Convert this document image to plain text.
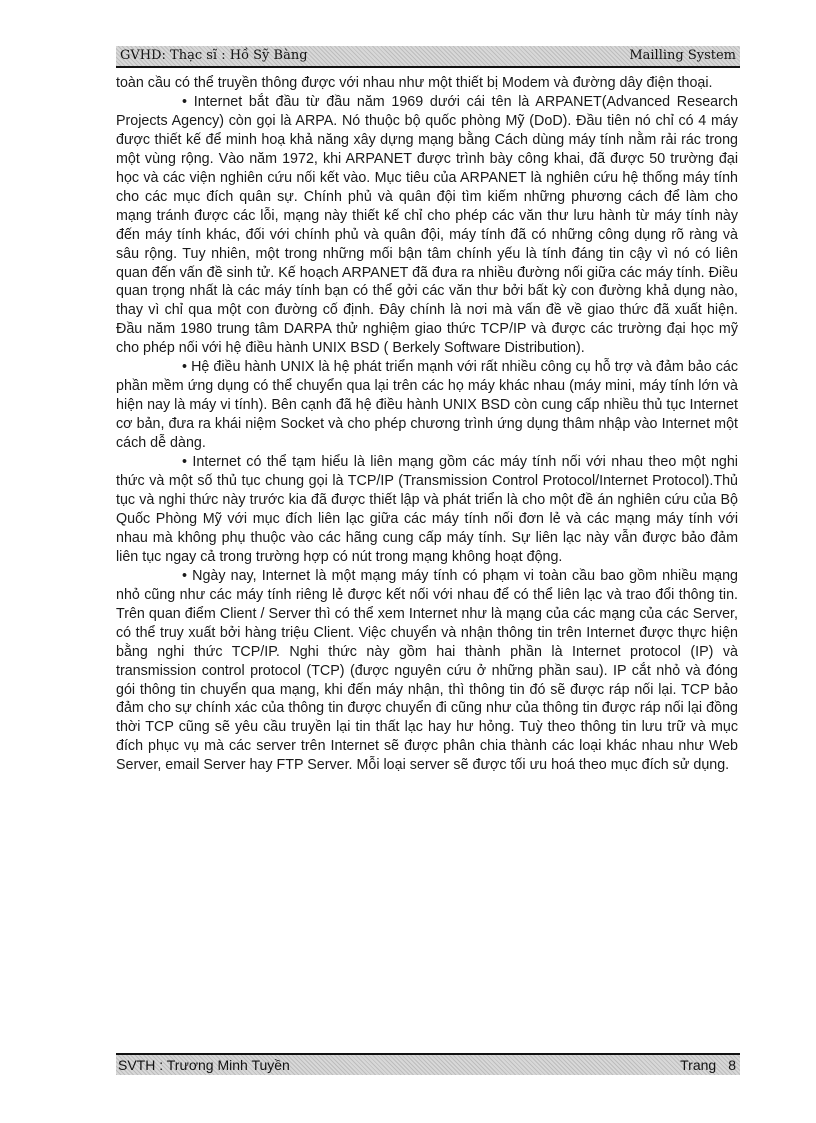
GVHD: Thạc sĩ : Hồ Sỹ Bàng	Mailling System

toàn cầu có thể truyền thông được với nhau như một thiết bị Modem và đường dây điện thoại.

• Internet bắt đầu từ đầu năm 1969 dưới cái tên là ARPANET(Advanced Research Projects Agency) còn gọi là ARPA. Nó thuộc bộ quốc phòng Mỹ (DoD). Đầu tiên nó chỉ có 4 máy được thiết kế để minh hoạ khả năng xây dựng mạng bằng Cách dùng máy tính nằm rải rác trong một vùng rộng. Vào năm 1972, khi ARPANET được trình bày công khai, đã được 50 trường đại học và các viện nghiên cứu nối kết vào. Mục tiêu của ARPANET là nghiên cứu hệ thống máy tính cho các mục đích quân sự. Chính phủ và quân đội tìm kiếm những phương cách để làm cho mạng tránh được các lỗi, mạng này thiết kế chỉ cho phép các văn thư lưu hành từ máy tính này đến máy tính khác, đối với chính phủ và quân đội, máy tính đã có những công dụng rõ ràng và sâu rộng. Tuy nhiên, một trong những mối bận tâm chính yếu là tính đáng tin cậy vì nó có liên quan đến vấn đề sinh tử. Kế hoạch ARPANET đã đưa ra nhiều đường nối giữa các máy tính. Điều quan trọng nhất là các máy tính bạn có thể gởi các văn thư bởi bất kỳ con đường khả dụng nào, thay vì chỉ qua một con đường cố định. Đây chính là nơi mà vấn đề về giao thức đã xuất hiện. Đầu năm 1980 trung tâm DARPA thử nghiệm giao thức TCP/IP và được các trường đại học mỹ cho phép nối với hệ điều hành UNIX BSD ( Berkely Software Distribution).

• Hệ điều hành UNIX là hệ phát triển mạnh với rất nhiều công cụ hỗ trợ và đảm bảo các phần mềm ứng dụng có thể chuyển qua lại trên các họ máy khác nhau (máy mini, máy tính lớn và hiện nay là máy vi tính). Bên cạnh đã hệ điều hành UNIX BSD còn cung cấp nhiều thủ tục Internet cơ bản, đưa ra khái niệm Socket và cho phép chương trình ứng dụng thâm nhập vào Internet một cách dễ dàng.

• Internet có thể tạm hiểu là liên mạng gồm các máy tính nối với nhau theo một nghi thức và một số thủ tục chung gọi là TCP/IP (Transmission Control Protocol/Internet Protocol).Thủ tục và nghi thức này trước kia đã được thiết lập và phát triển là cho một đề án nghiên cứu của Bộ Quốc Phòng Mỹ với mục đích liên lạc giữa các máy tính nối đơn lẻ và các mạng máy tính với nhau mà không phụ thuộc vào các hãng cung cấp máy tính. Sự liên lạc này vẫn được bảo đảm liên tục ngay cả trong trường hợp có nút trong mạng không hoạt động.

• Ngày nay, Internet là một mạng máy tính có phạm vi toàn cầu bao gồm nhiều mạng nhỏ cũng như các máy tính riêng lẻ được kết nối với nhau để có thể liên lạc và trao đổi thông tin. Trên quan điểm Client / Server thì có thể xem Internet như là mạng của các mạng của các Server, có thể truy xuất bởi hàng triệu Client. Việc chuyển và nhận thông tin trên Internet được thực hiện bằng nghi thức TCP/IP. Nghi thức này gồm hai thành phần là Internet protocol (IP) và transmission control protocol (TCP) (được nguyên cứu ở những phần sau). IP cắt nhỏ và đóng gói thông tin chuyển qua mạng, khi đến máy nhận, thì thông tin đó sẽ được ráp nối lại. TCP bảo đảm cho sự chính xác của thông tin được chuyển đi cũng như của thông tin được ráp nối lại đồng thời TCP cũng sẽ yêu cầu truyền lại tin thất lạc hay hư hỏng. Tuỳ theo thông tin lưu trữ và mục đích phục vụ mà các server trên Internet sẽ được phân chia thành các loại khác nhau như Web Server, email Server hay FTP Server. Mỗi loại server sẽ được tối ưu hoá theo mục đích sử dụng.

SVTH : Trương Minh Tuyền	Trang 8
